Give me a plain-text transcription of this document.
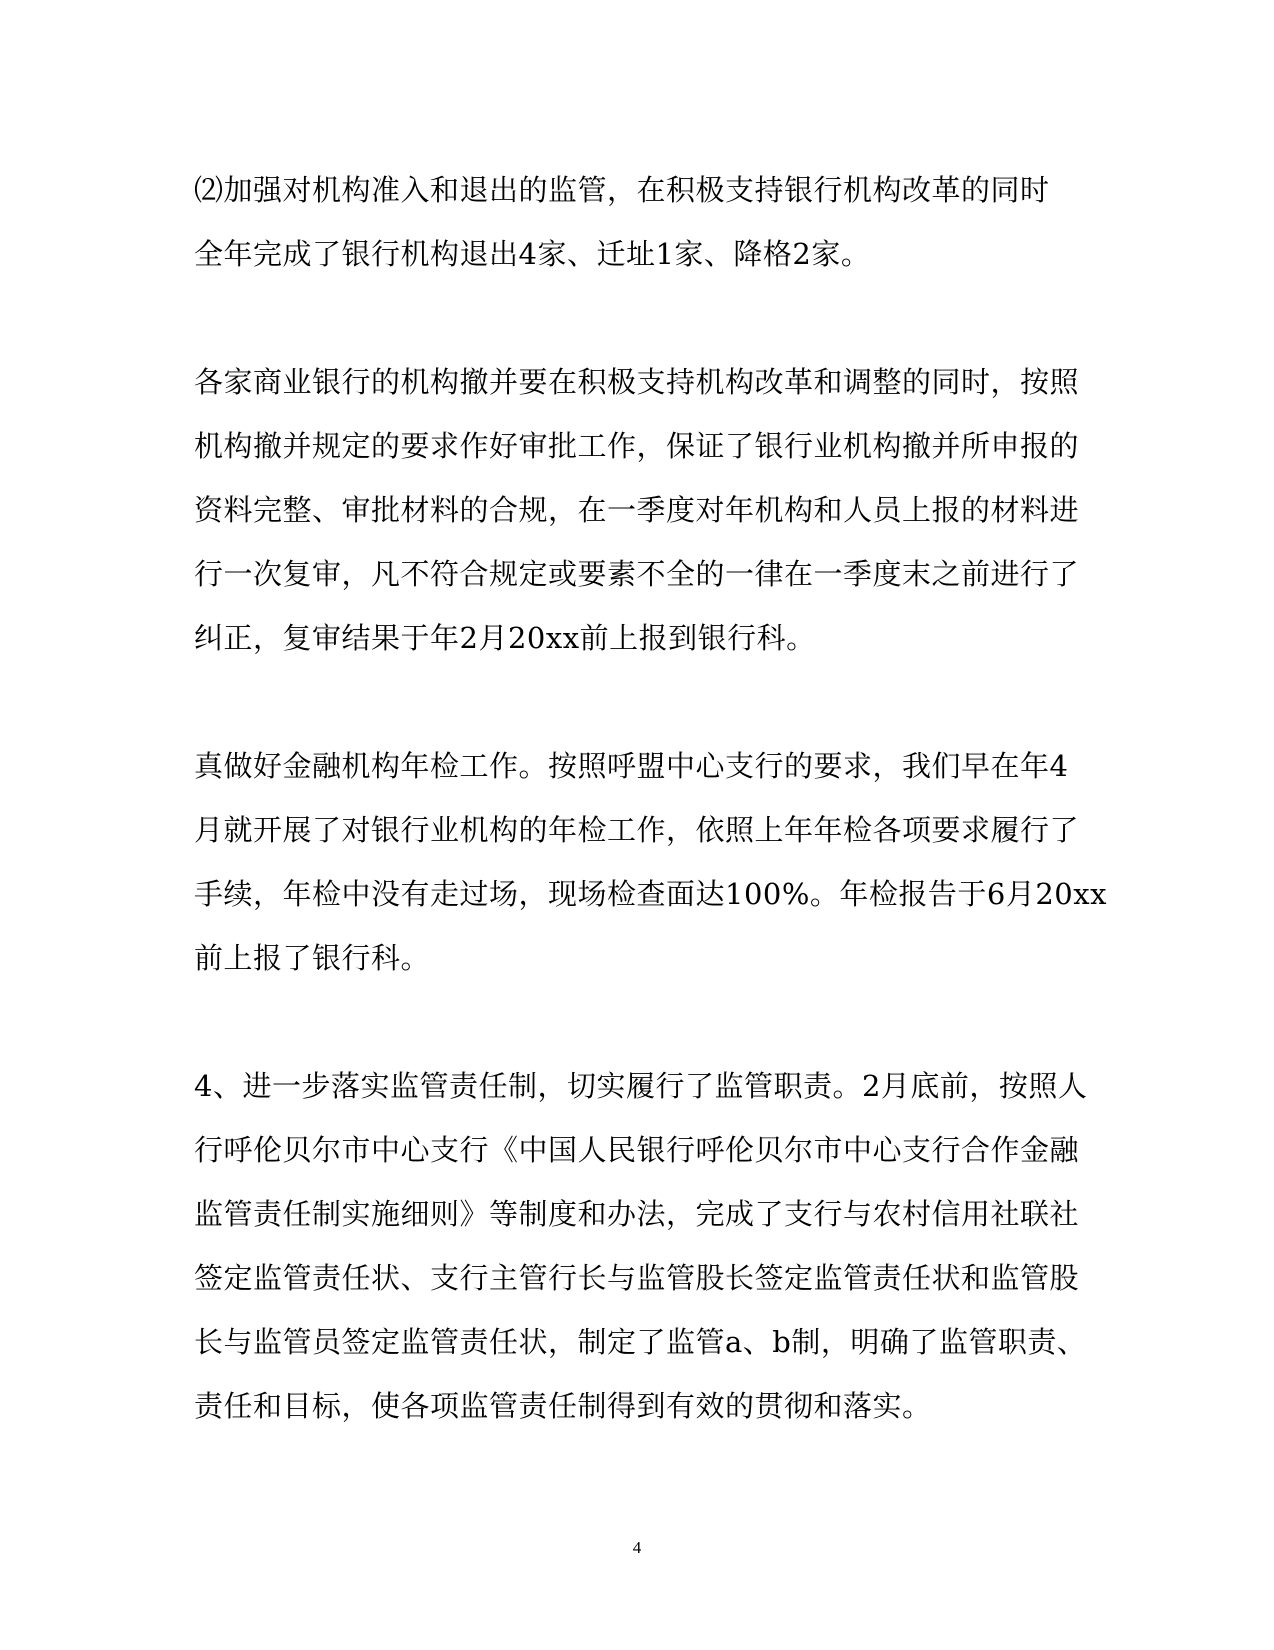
⑵加强对机构准入和退出的监管，在积极支持银行机构改革的同时
全年完成了银行机构退出4家、迁址1家、降格2家。

各家商业银行的机构撤并要在积极支持机构改革和调整的同时，按照
机构撤并规定的要求作好审批工作，保证了银行业机构撤并所申报的
资料完整、审批材料的合规，在一季度对年机构和人员上报的材料进
行一次复审，凡不符合规定或要素不全的一律在一季度末之前进行了
纠正，复审结果于年2月20xx前上报到银行科。

真做好金融机构年检工作。按照呼盟中心支行的要求，我们早在年4
月就开展了对银行业机构的年检工作，依照上年年检各项要求履行了
手续，年检中没有走过场，现场检查面达100%。年检报告于6月20xx
前上报了银行科。

4、进一步落实监管责任制，切实履行了监管职责。2月底前，按照人
行呼伦贝尔市中心支行《中国人民银行呼伦贝尔市中心支行合作金融
监管责任制实施细则》等制度和办法，完成了支行与农村信用社联社
签定监管责任状、支行主管行长与监管股长签定监管责任状和监管股
长与监管员签定监管责任状，制定了监管a、b制，明确了监管职责、
责任和目标，使各项监管责任制得到有效的贯彻和落实。

4
